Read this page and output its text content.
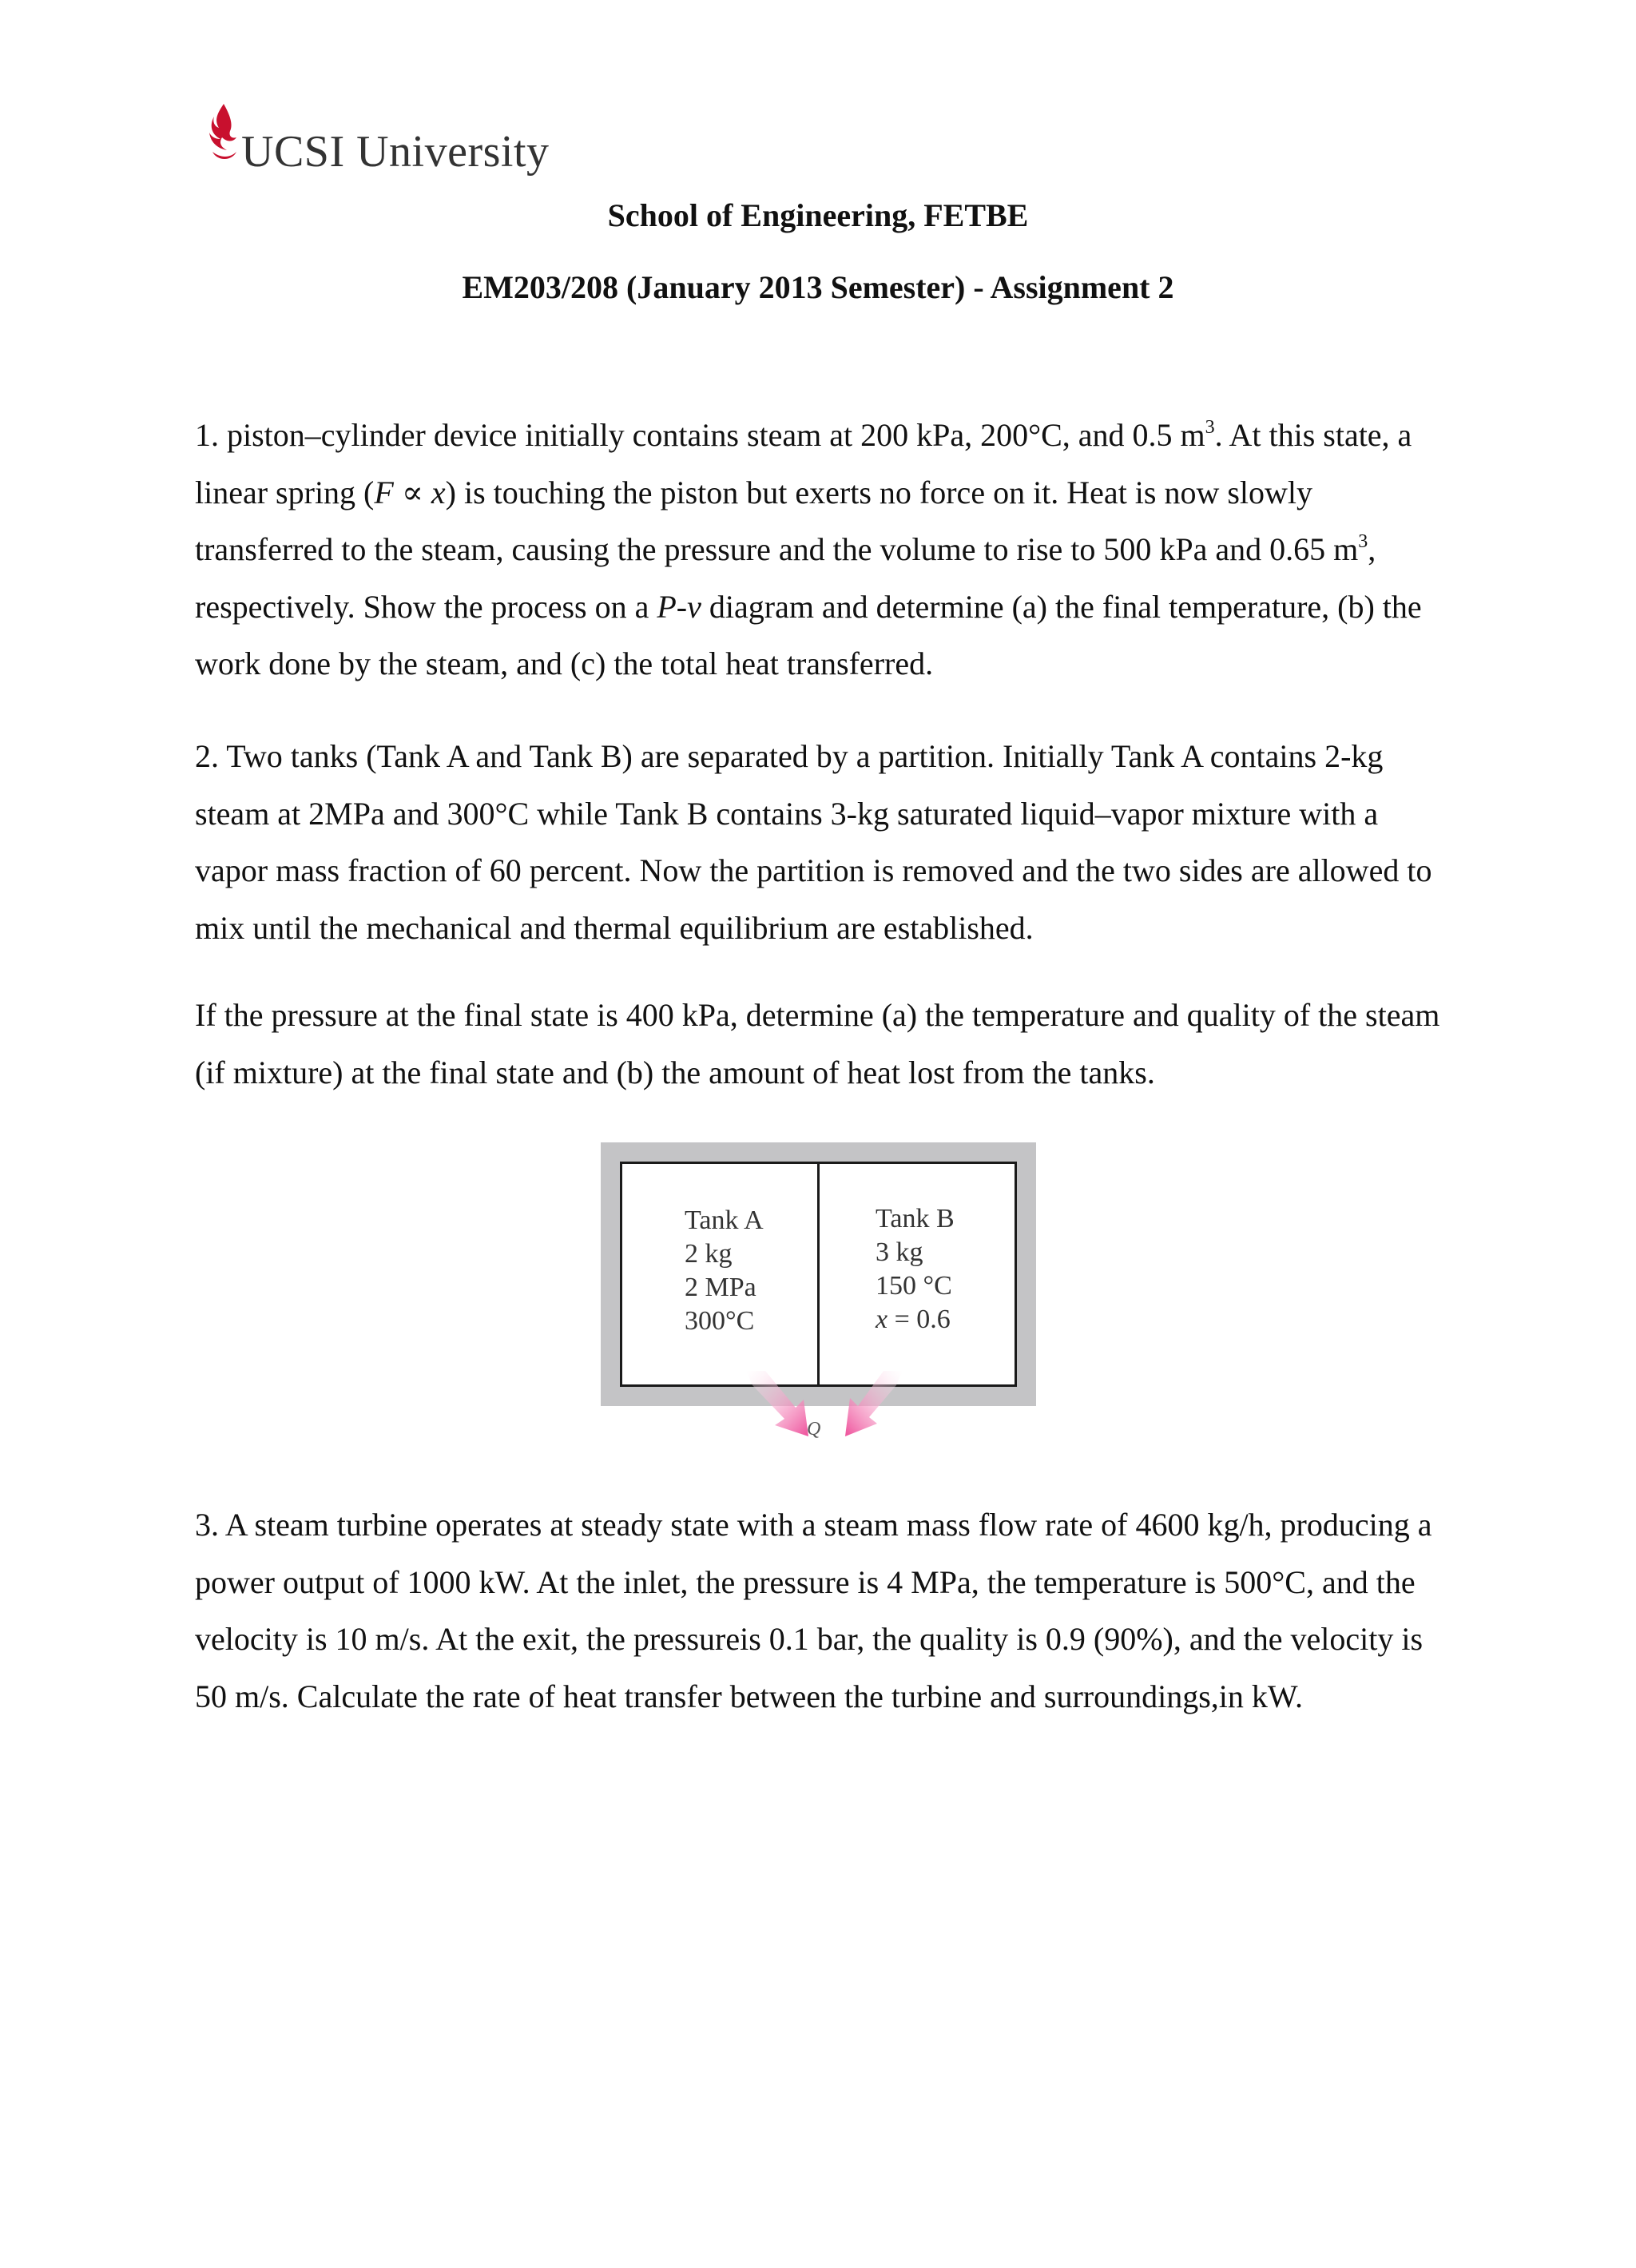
UCSI University
School of Engineering, FETBE
EM203/208 (January 2013 Semester) - Assignment 2

1. piston–cylinder device initially contains steam at 200 kPa, 200°C, and 0.5 $m^3$. At this state, a linear spring (F ∝ x) is touching the piston but exerts no force on it. Heat is now slowly transferred to the steam, causing the pressure and the volume to rise to 500 kPa and 0.65 $m^3$, respectively. Show the process on a P-v diagram and determine (a) the final temperature, (b) the work done by the steam, and (c) the total heat transferred.

2. Two tanks (Tank A and Tank B) are separated by a partition. Initially Tank A contains 2-kg steam at 2MPa and 300°C while Tank B contains 3-kg saturated liquid–vapor mixture with a vapor mass fraction of 60 percent. Now the partition is removed and the two sides are allowed to mix until the mechanical and thermal equilibrium are established.

If the pressure at the final state is 400 kPa, determine (a) the temperature and quality of the steam (if mixture) at the final state and (b) the amount of heat lost from the tanks.

Tank A
2 kg
2 MPa
300°C
Tank B
3 kg
150 °C
x = 0.6
Q

3. A steam turbine operates at steady state with a steam mass flow rate of 4600 kg/h, producing a power output of 1000 kW. At the inlet, the pressure is 4 MPa, the temperature is 500°C, and the velocity is 10 m/s. At the exit, the pressureis 0.1 bar, the quality is 0.9 (90%), and the velocity is 50 m/s. Calculate the rate of heat transfer between the turbine and surroundings,in kW.
